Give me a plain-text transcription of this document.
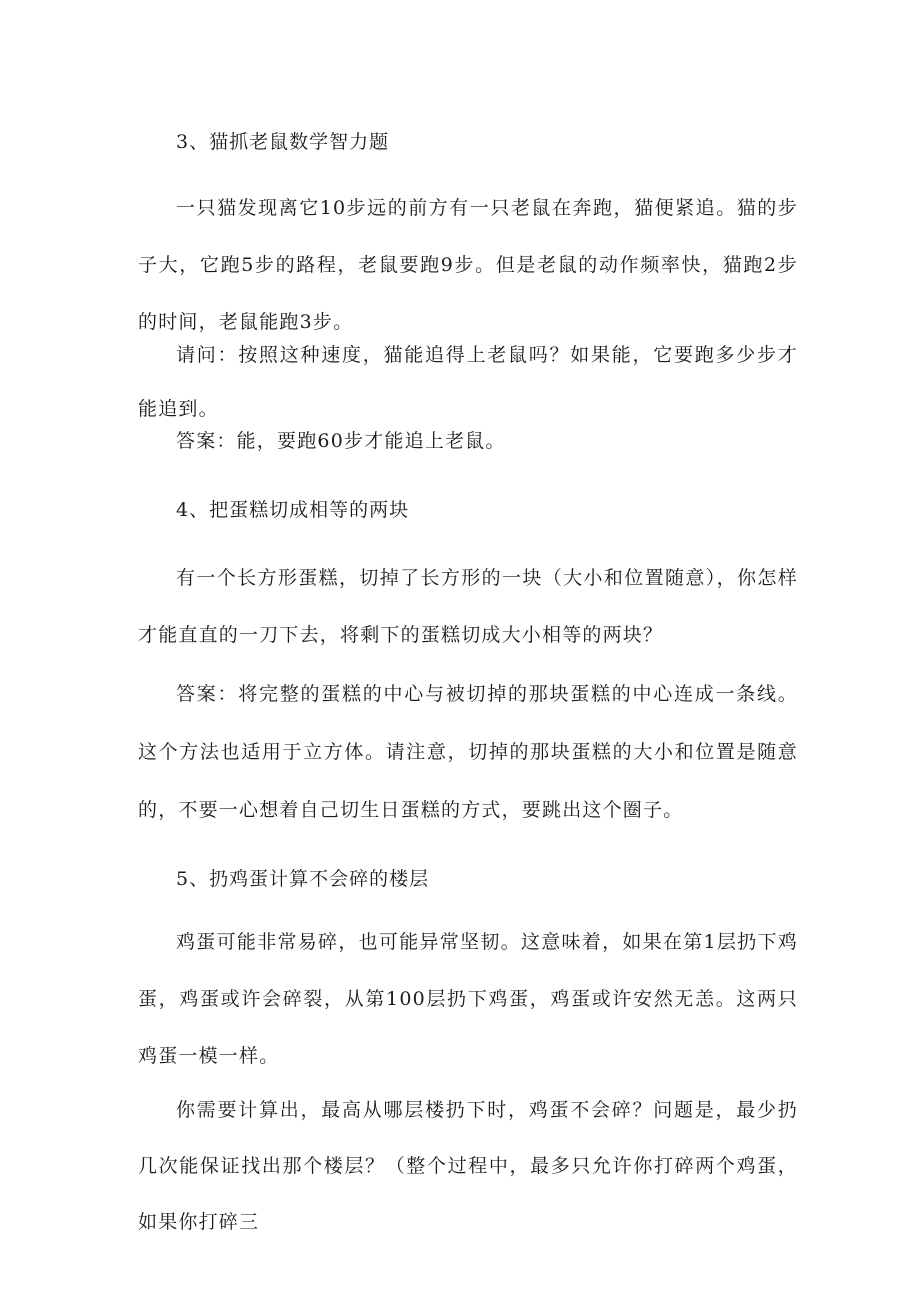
3、猫抓老鼠数学智力题

一只猫发现离它10步远的前方有一只老鼠在奔跑，猫便紧追。猫的步子大，它跑5步的路程，老鼠要跑9步。但是老鼠的动作频率快，猫跑2步的时间，老鼠能跑3步。

请问：按照这种速度，猫能追得上老鼠吗？如果能，它要跑多少步才能追到。

答案：能，要跑60步才能追上老鼠。

4、把蛋糕切成相等的两块

有一个长方形蛋糕，切掉了长方形的一块（大小和位置随意），你怎样才能直直的一刀下去，将剩下的蛋糕切成大小相等的两块？

答案：将完整的蛋糕的中心与被切掉的那块蛋糕的中心连成一条线。这个方法也适用于立方体。请注意，切掉的那块蛋糕的大小和位置是随意的，不要一心想着自己切生日蛋糕的方式，要跳出这个圈子。

5、扔鸡蛋计算不会碎的楼层

鸡蛋可能非常易碎，也可能异常坚韧。这意味着，如果在第1层扔下鸡蛋，鸡蛋或许会碎裂，从第100层扔下鸡蛋，鸡蛋或许安然无恙。这两只鸡蛋一模一样。

你需要计算出，最高从哪层楼扔下时，鸡蛋不会碎？问题是，最少扔几次能保证找出那个楼层？（整个过程中，最多只允许你打碎两个鸡蛋，如果你打碎三
